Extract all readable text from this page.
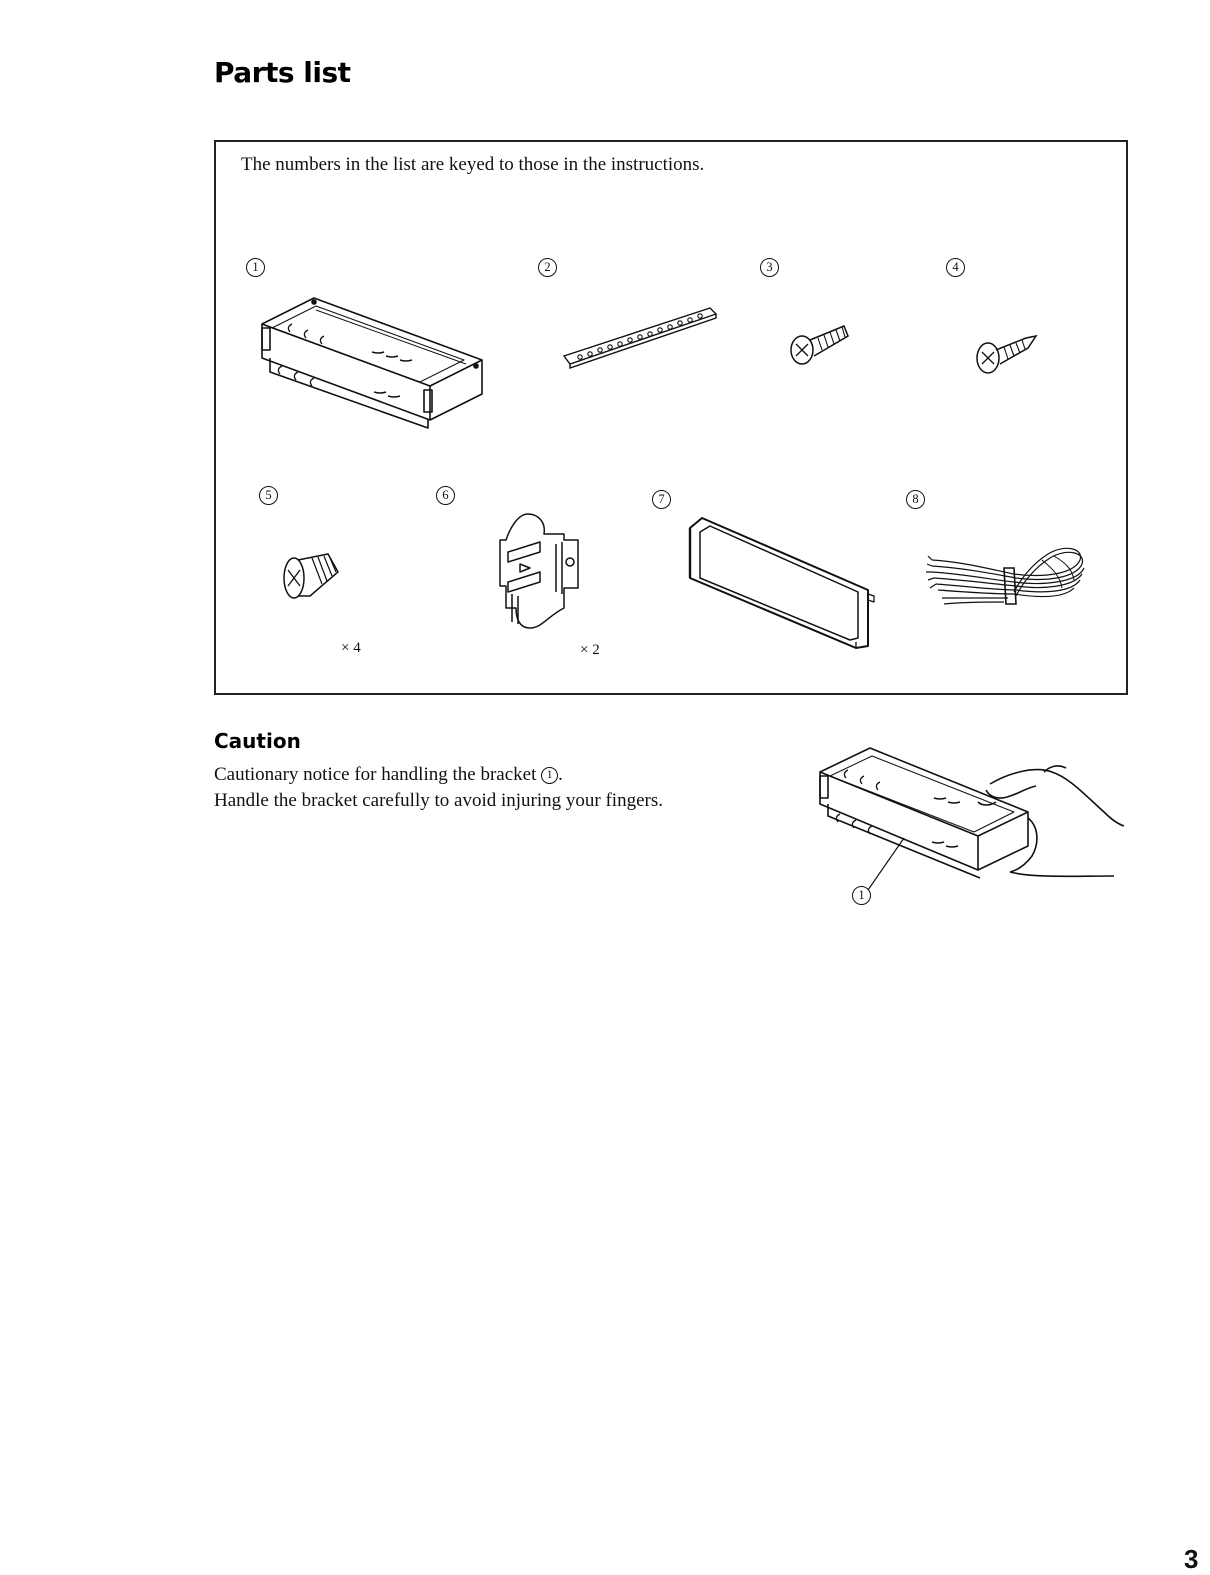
Parts list
The numbers in the list are keyed to those in the instructions.
1	2	3	4
5	6	7	8
× 4	× 2
Caution
Cautionary notice for handling the bracket 1 .
Handle the bracket carefully to avoid injuring your fingers.
1
3
